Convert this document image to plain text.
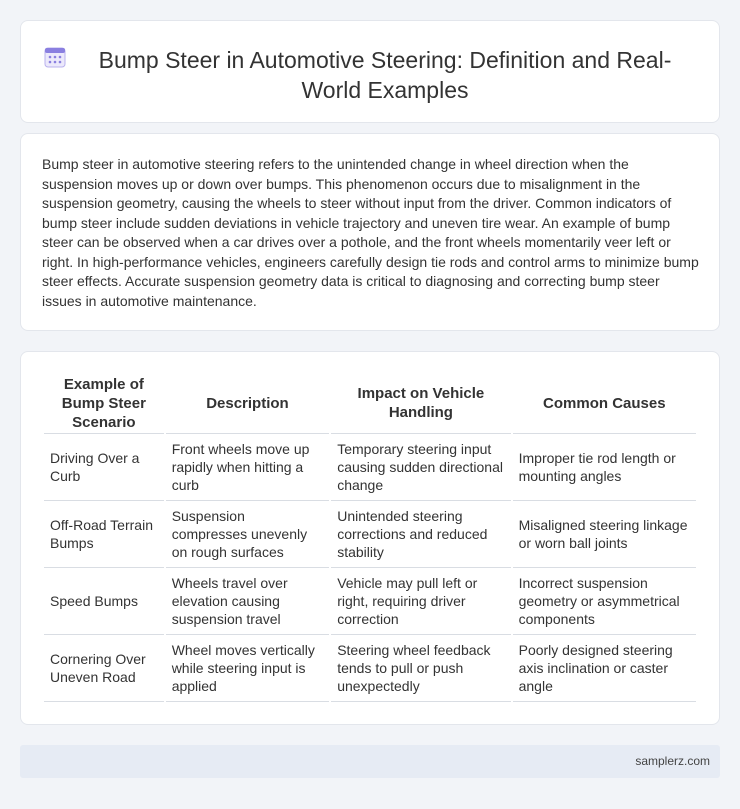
Bump Steer in Automotive Steering: Definition and Real-World Examples

Bump steer in automotive steering refers to the unintended change in wheel direction when the suspension moves up or down over bumps. This phenomenon occurs due to misalignment in the suspension geometry, causing the wheels to steer without input from the driver. Common indicators of bump steer include sudden deviations in vehicle trajectory and uneven tire wear. An example of bump steer can be observed when a car drives over a pothole, and the front wheels momentarily veer left or right. In high-performance vehicles, engineers carefully design tie rods and control arms to minimize bump steer effects. Accurate suspension geometry data is critical to diagnosing and correcting bump steer issues in automotive maintenance.

Example of Bump Steer Scenario	Description	Impact on Vehicle Handling	Common Causes
Driving Over a Curb	Front wheels move up rapidly when hitting a curb	Temporary steering input causing sudden directional change	Improper tie rod length or mounting angles
Off-Road Terrain Bumps	Suspension compresses unevenly on rough surfaces	Unintended steering corrections and reduced stability	Misaligned steering linkage or worn ball joints
Speed Bumps	Wheels travel over elevation causing suspension travel	Vehicle may pull left or right, requiring driver correction	Incorrect suspension geometry or asymmetrical components
Cornering Over Uneven Road	Wheel moves vertically while steering input is applied	Steering wheel feedback tends to pull or push unexpectedly	Poorly designed steering axis inclination or caster angle
samplerz.com
